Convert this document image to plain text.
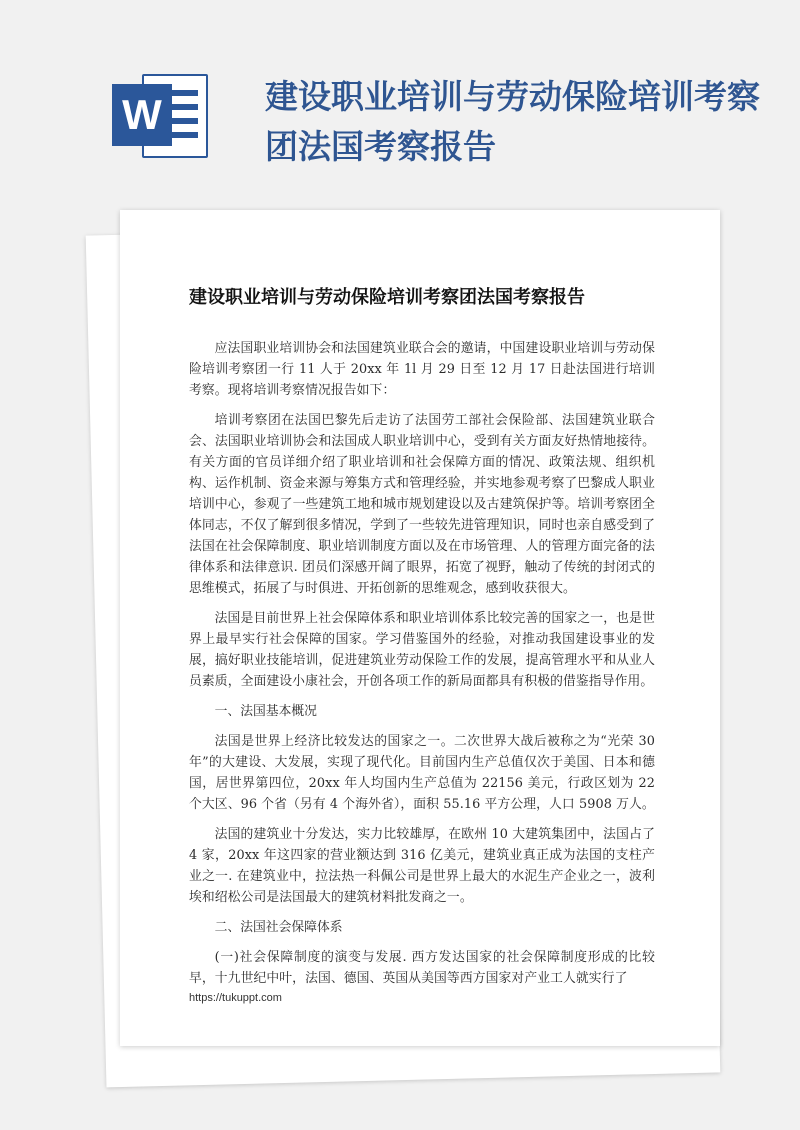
W	建设职业培训与劳动保险培训考察团法国考察报告
建设职业培训与劳动保险培训考察团法国考察报告

应法国职业培训协会和法国建筑业联合会的邀请，中国建设职业培训与劳动保险培训考察团一行 11 人于 20xx 年 1l 月 29 日至 12 月 17 日赴法国进行培训考察。现将培训考察情况报告如下：

培训考察团在法国巴黎先后走访了法国劳工部社会保险部、法国建筑业联合会、法国职业培训协会和法国成人职业培训中心，受到有关方面友好热情地接待。有关方面的官员详细介绍了职业培训和社会保障方面的情况、政策法规、组织机构、运作机制、资金来源与筹集方式和管理经验，并实地参观考察了巴黎成人职业培训中心，参观了一些建筑工地和城市规划建设以及古建筑保护等。培训考察团全体同志，不仅了解到很多情况，学到了一些较先进管理知识，同时也亲自感受到了法国在社会保障制度、职业培训制度方面以及在市场管理、人的管理方面完备的法律体系和法律意识. 团员们深感开阔了眼界，拓宽了视野，触动了传统的封闭式的思维模式，拓展了与时俱进、开拓创新的思维观念，感到收获很大。

法国是目前世界上社会保障体系和职业培训体系比较完善的国家之一，也是世界上最早实行社会保障的国家。学习借鉴国外的经验，对推动我国建设事业的发展，搞好职业技能培训，促进建筑业劳动保险工作的发展，提高管理水平和从业人员素质，全面建设小康社会，开创各项工作的新局面都具有积极的借鉴指导作用。

一、法国基本概况

法国是世界上经济比较发达的国家之一。二次世界大战后被称之为“光荣 30 年”的大建设、大发展，实现了现代化。目前国内生产总值仅次于美国、日本和德国，居世界第四位，20xx 年人均国内生产总值为 22156 美元，行政区划为 22 个大区、96 个省（另有 4 个海外省），面积 55.16 平方公理，人口 5908 万人。

法国的建筑业十分发达，实力比较雄厚，在欧州 10 大建筑集团中，法国占了 4 家，20xx 年这四家的营业额达到 316 亿美元，建筑业真正成为法国的支柱产业之一. 在建筑业中，拉法热一科佩公司是世界上最大的水泥生产企业之一，波利埃和绍松公司是法国最大的建筑材料批发商之一。

二、法国社会保障体系

(一)社会保障制度的演变与发展. 西方发达国家的社会保障制度形成的比较早，十九世纪中叶，法国、德国、英国从美国等西方国家对产业工人就实行了

https://tukuppt.com
